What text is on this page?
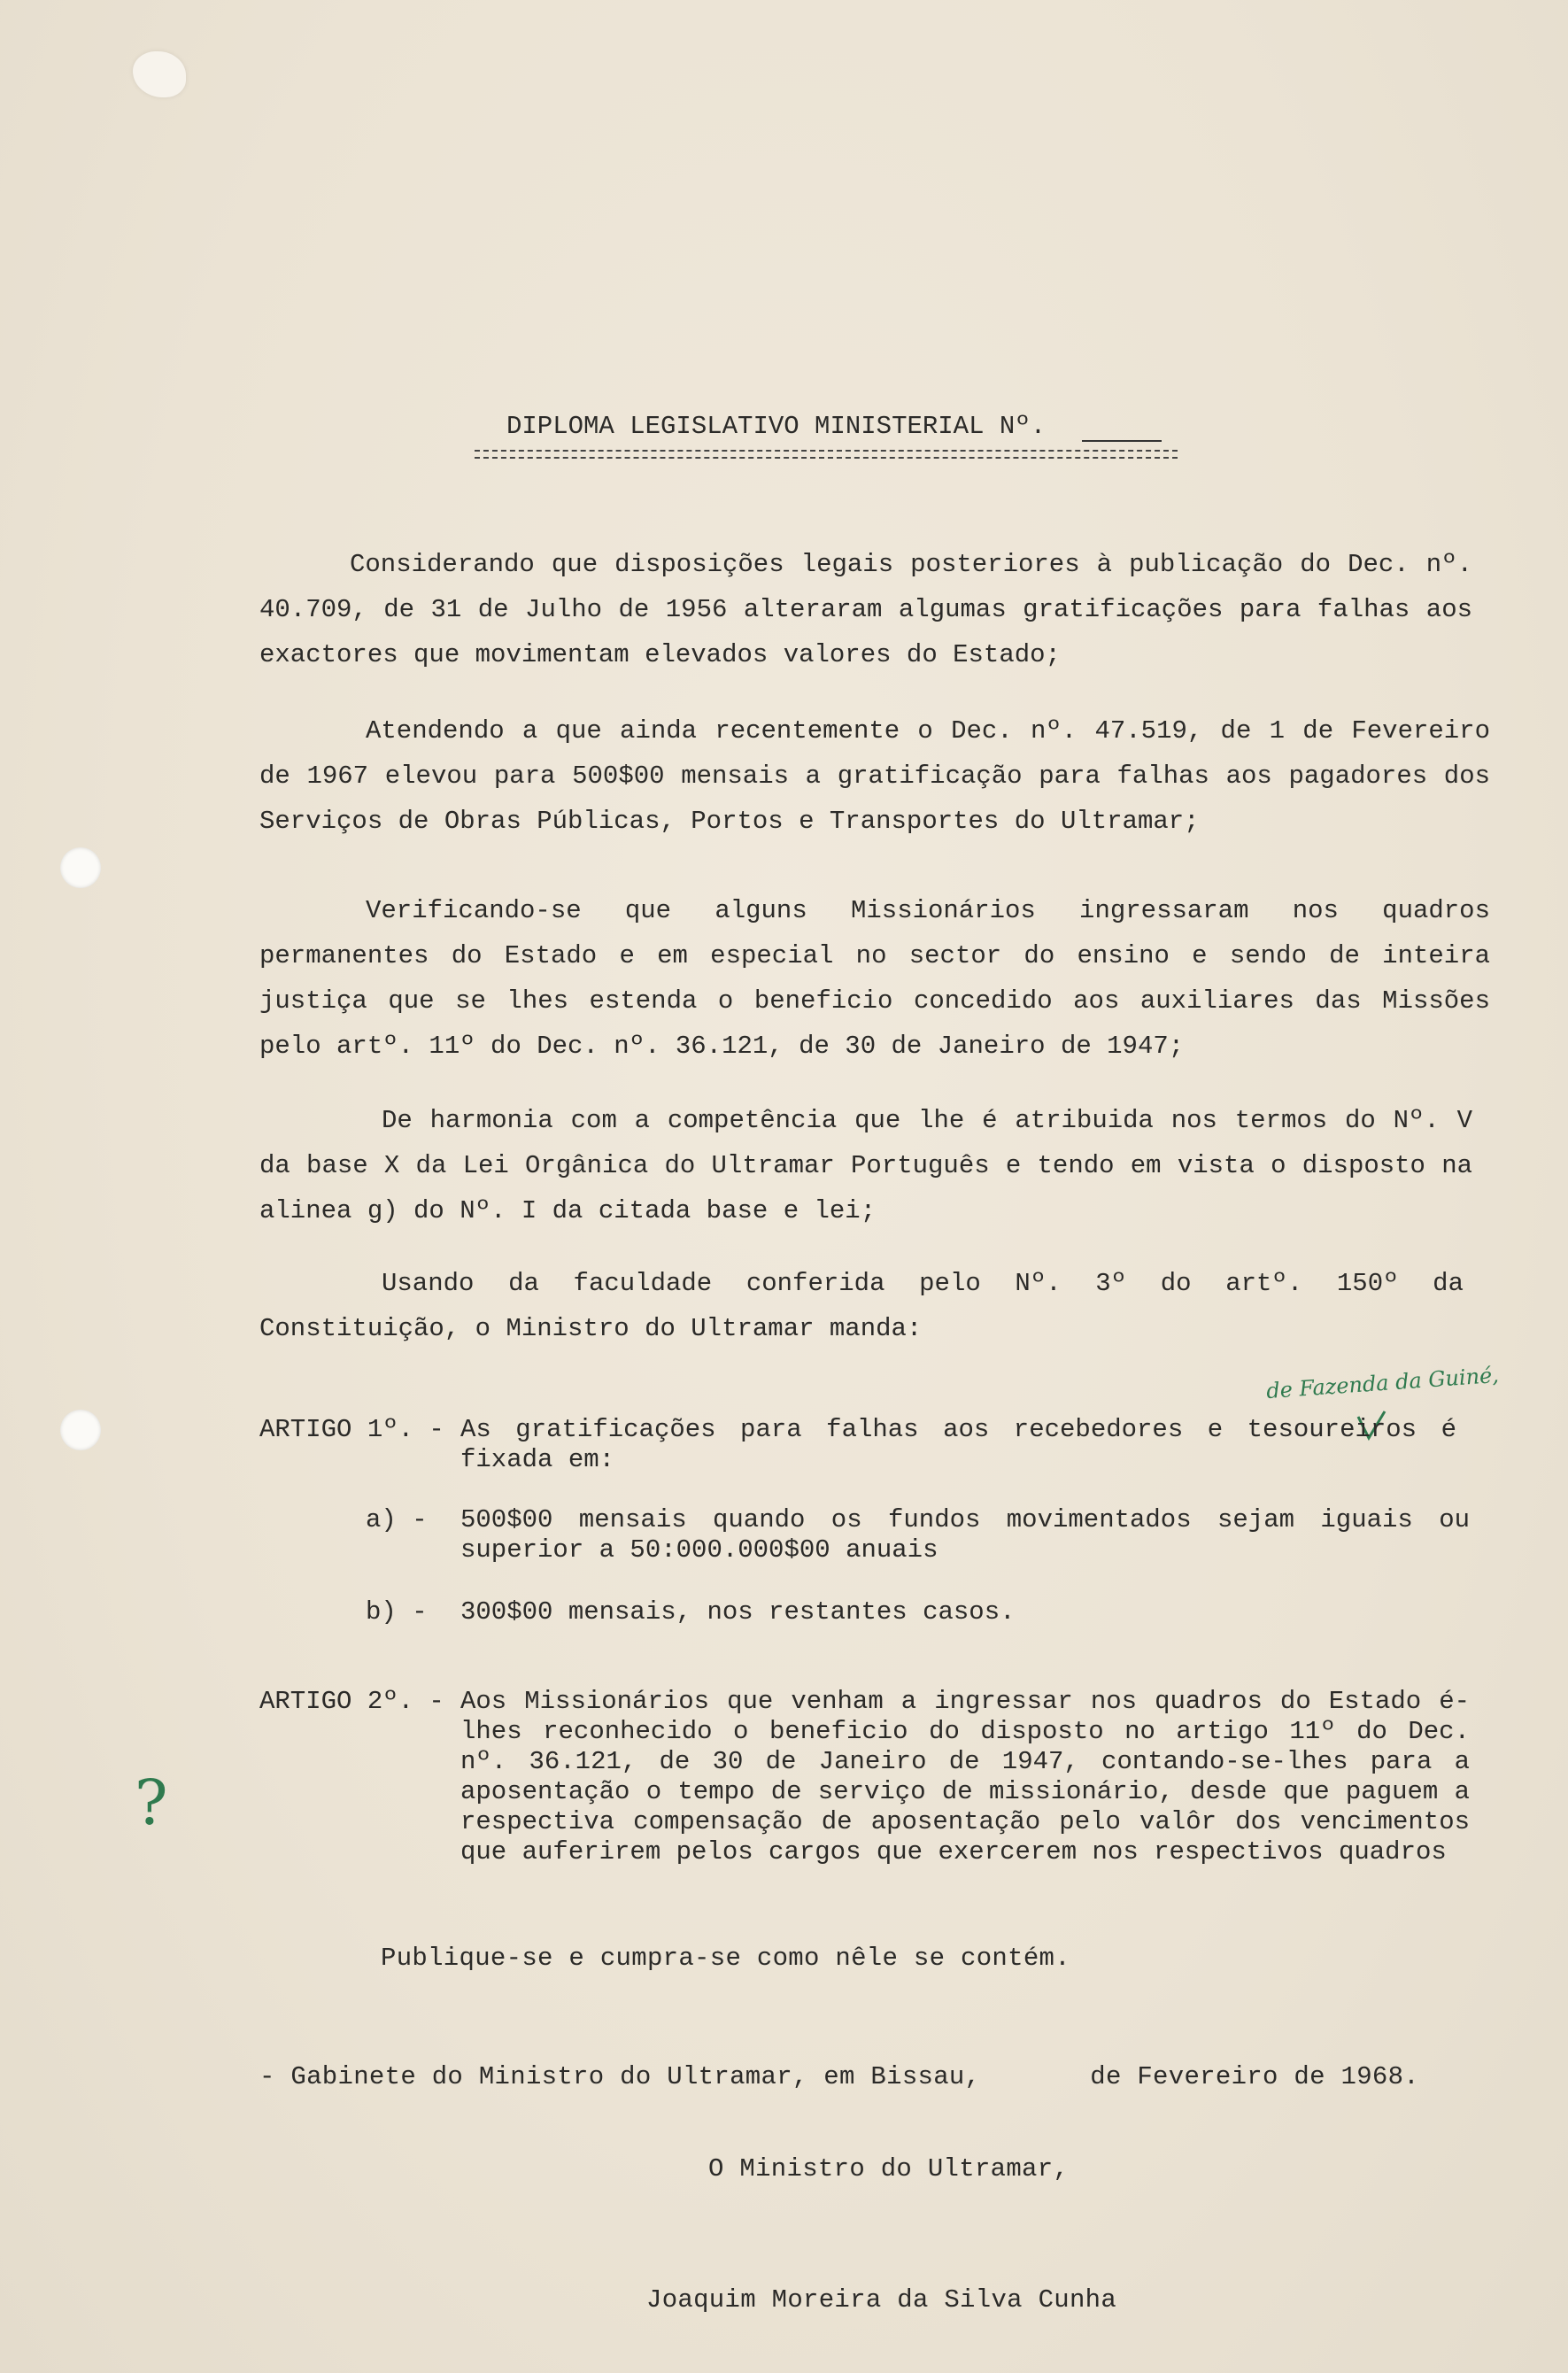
DIPLOMA LEGISLATIVO MINISTERIAL Nº.
Considerando que disposições legais posteriores à publicação do Dec. nº. 40.709, de 31 de Julho de 1956 alteraram algumas gratificações para falhas aos exactores que movimentam elevados valores do Estado;
Atendendo a que ainda recentemente o Dec. nº. 47.519, de 1 de Fevereiro de 1967 elevou para 500$00 mensais a gratificação para falhas aos pagadores dos Serviços de Obras Públicas, Portos e Transportes do Ultramar;
Verificando-se que alguns Missionários ingressaram nos quadros permanentes do Estado e em especial no sector do ensino e sendo de inteira justiça que se lhes estenda o beneficio concedido aos auxiliares das Missões pelo artº. 11º do Dec. nº. 36.121, de 30 de Janeiro de 1947;
De harmonia com a competência que lhe é atribuida nos termos do Nº. V da base X da Lei Orgânica do Ultramar Português e tendo em vista o disposto na alinea g) do Nº. I da citada base e lei;
Usando da faculdade conferida pelo Nº. 3º do artº. 150º da Constituição, o Ministro do Ultramar manda:
de Fazenda da Guiné,
ARTIGO 1º. - As gratificações para falhas aos recebedores e tesoureiros é fixada em:
a) - 500$00 mensais quando os fundos movimentados sejam iguais ou superior a 50:000.000$00 anuais
b) - 300$00 mensais, nos restantes casos.
ARTIGO 2º. - Aos Missionários que venham a ingressar nos quadros do Estado é-lhes reconhecido o beneficio do disposto no artigo 11º do Dec. nº. 36.121, de 30 de Janeiro de 1947, contando-se-lhes para a aposentação o tempo de serviço de missionário, desde que paguem a respectiva compensação de aposentação pelo valôr dos vencimentos que auferirem pelos cargos que exercerem nos respectivos quadros
?
Publique-se e cumpra-se como nêle se contém.
- Gabinete do Ministro do Ultramar, em Bissau,       de Fevereiro de 1968.
O Ministro do Ultramar,
Joaquim Moreira da Silva Cunha
